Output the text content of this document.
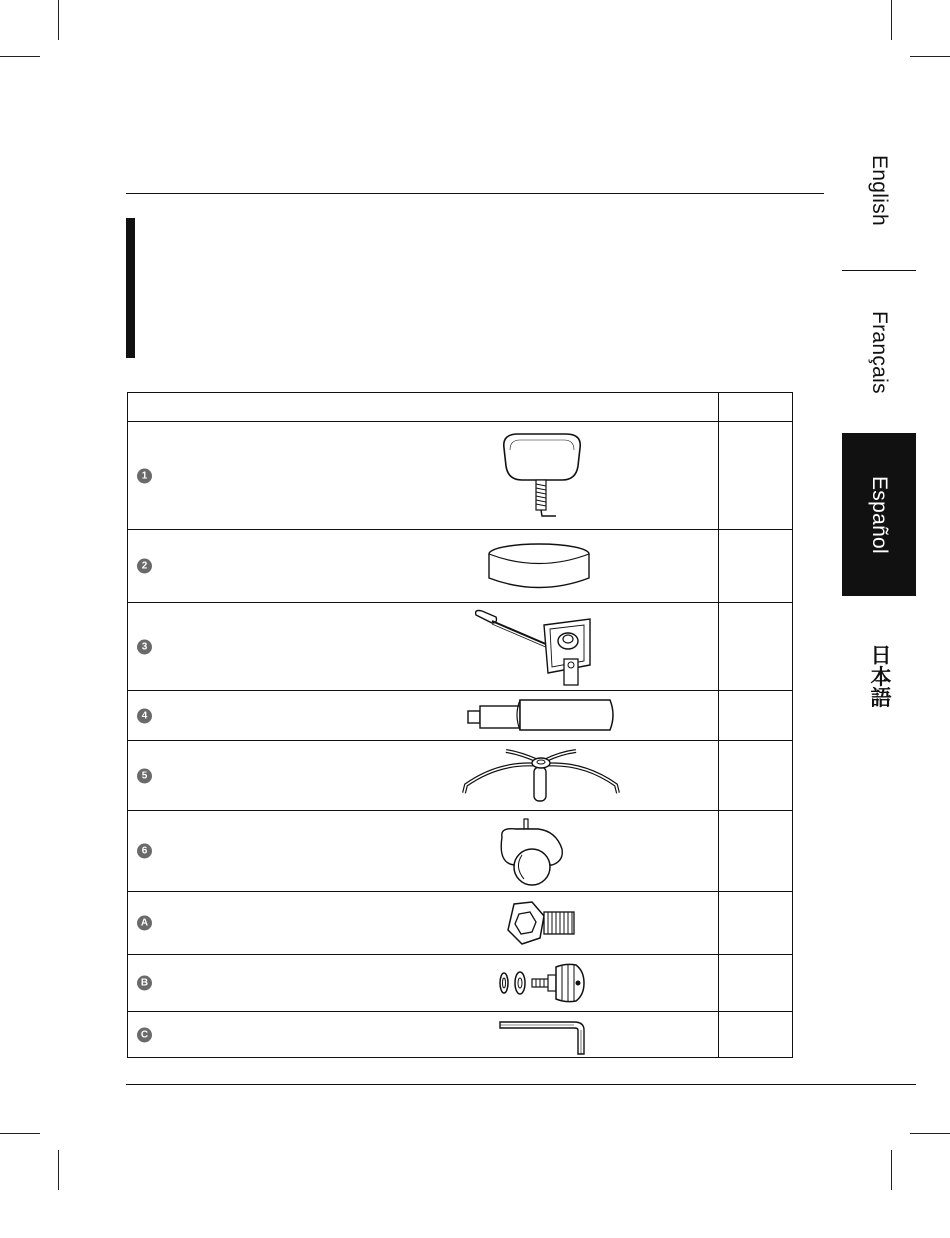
English
Français
Español
日本語

1	

2	

3	

4	

5	

6	

A	

B	

C	
